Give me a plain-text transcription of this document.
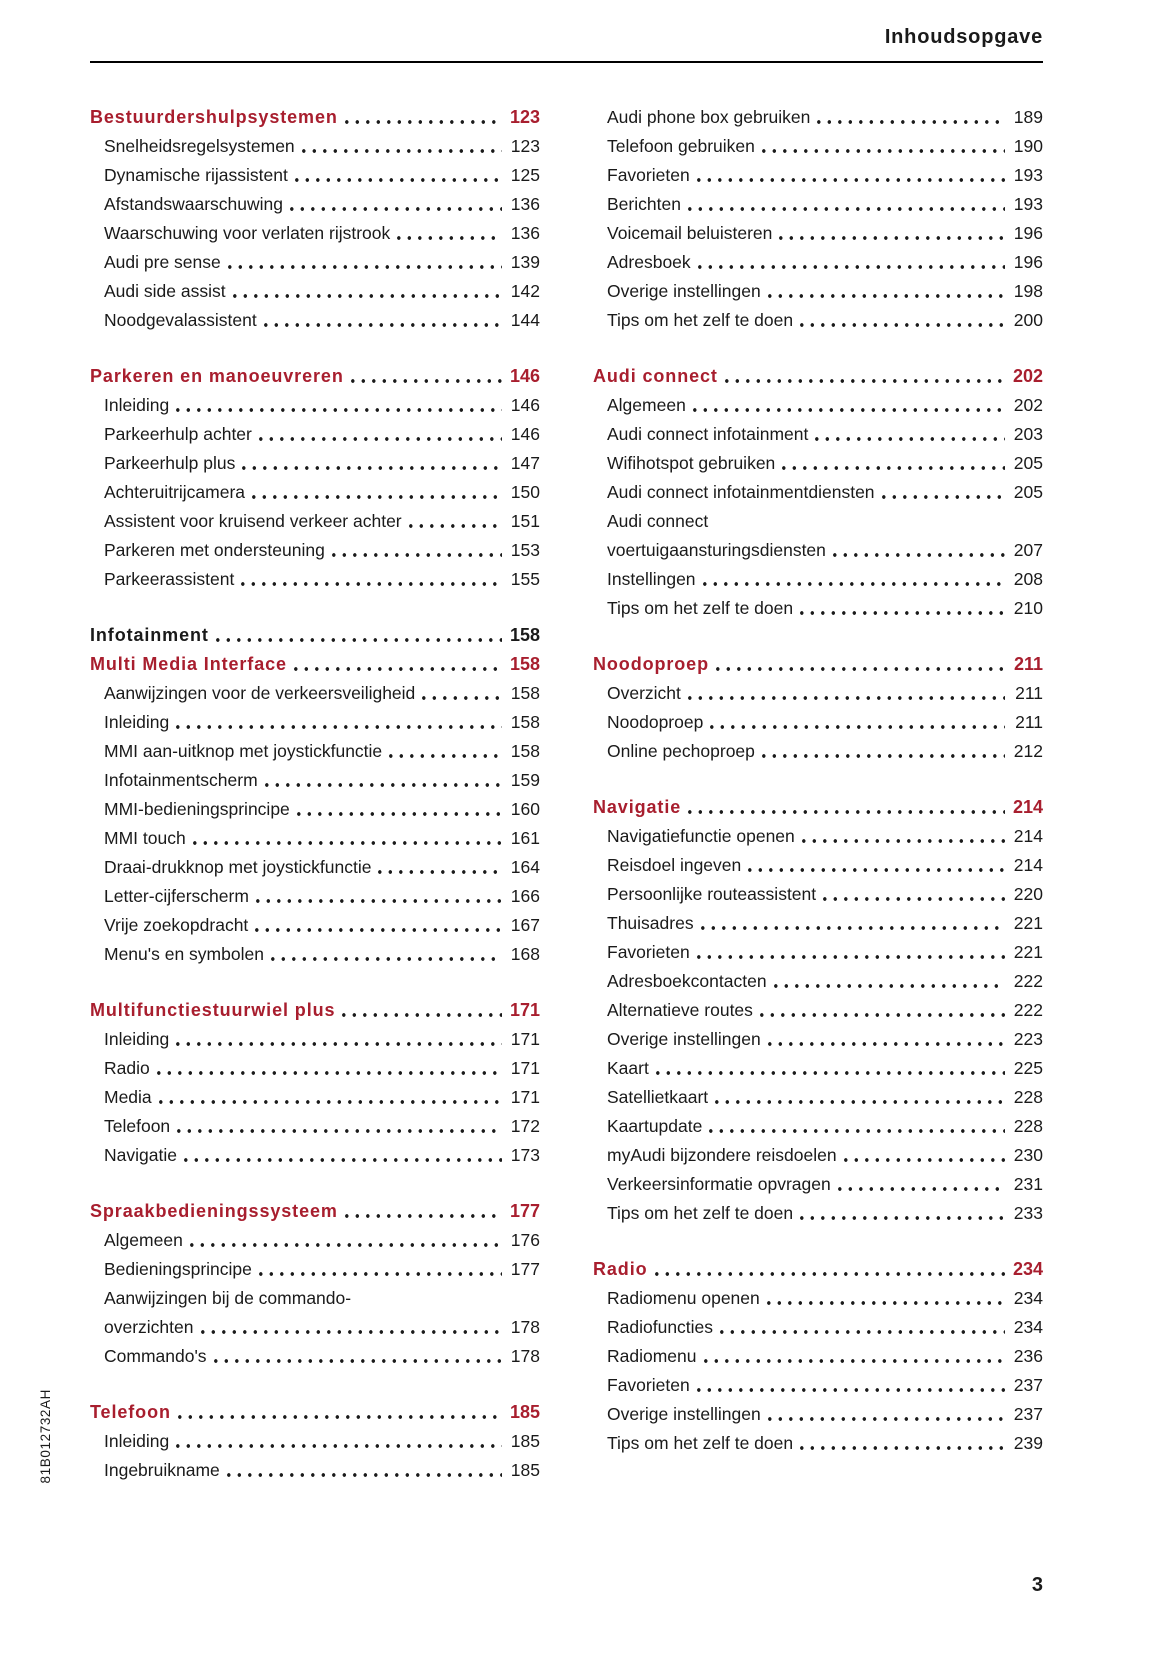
Inhoudsopgave
Bestuurdershulpsystemen	123
Snelheidsregelsystemen	123
Dynamische rijassistent	125
Afstandswaarschuwing	136
Waarschuwing voor verlaten rijstrook	136
Audi pre sense	139
Audi side assist	142
Noodgevalassistent	144
Parkeren en manoeuvreren	146
Inleiding	146
Parkeerhulp achter	146
Parkeerhulp plus	147
Achteruitrijcamera	150
Assistent voor kruisend verkeer achter	151
Parkeren met ondersteuning	153
Parkeerassistent	155
Infotainment	158
Multi Media Interface	158
Aanwijzingen voor de verkeersveiligheid	158
Inleiding	158
MMI aan-uitknop met joystickfunctie	158
Infotainmentscherm	159
MMI-bedieningsprincipe	160
MMI touch	161
Draai-drukknop met joystickfunctie	164
Letter-cijferscherm	166
Vrije zoekopdracht	167
Menu's en symbolen	168
Multifunctiestuurwiel plus	171
Inleiding	171
Radio	171
Media	171
Telefoon	172
Navigatie	173
Spraakbedieningssysteem	177
Algemeen	176
Bedieningsprincipe	177
Aanwijzingen bij de commando-
overzichten	178
Commando's	178
Telefoon	185
Inleiding	185
Ingebruikname	185
Audi phone box gebruiken	189
Telefoon gebruiken	190
Favorieten	193
Berichten	193
Voicemail beluisteren	196
Adresboek	196
Overige instellingen	198
Tips om het zelf te doen	200
Audi connect	202
Algemeen	202
Audi connect infotainment	203
Wifihotspot gebruiken	205
Audi connect infotainmentdiensten	205
Audi connect
voertuigaansturingsdiensten	207
Instellingen	208
Tips om het zelf te doen	210
Noodoproep	211
Overzicht	211
Noodoproep	211
Online pechoproep	212
Navigatie	214
Navigatiefunctie openen	214
Reisdoel ingeven	214
Persoonlijke routeassistent	220
Thuisadres	221
Favorieten	221
Adresboekcontacten	222
Alternatieve routes	222
Overige instellingen	223
Kaart	225
Satellietkaart	228
Kaartupdate	228
myAudi bijzondere reisdoelen	230
Verkeersinformatie opvragen	231
Tips om het zelf te doen	233
Radio	234
Radiomenu openen	234
Radiofuncties	234
Radiomenu	236
Favorieten	237
Overige instellingen	237
Tips om het zelf te doen	239
81B012732AH
3
